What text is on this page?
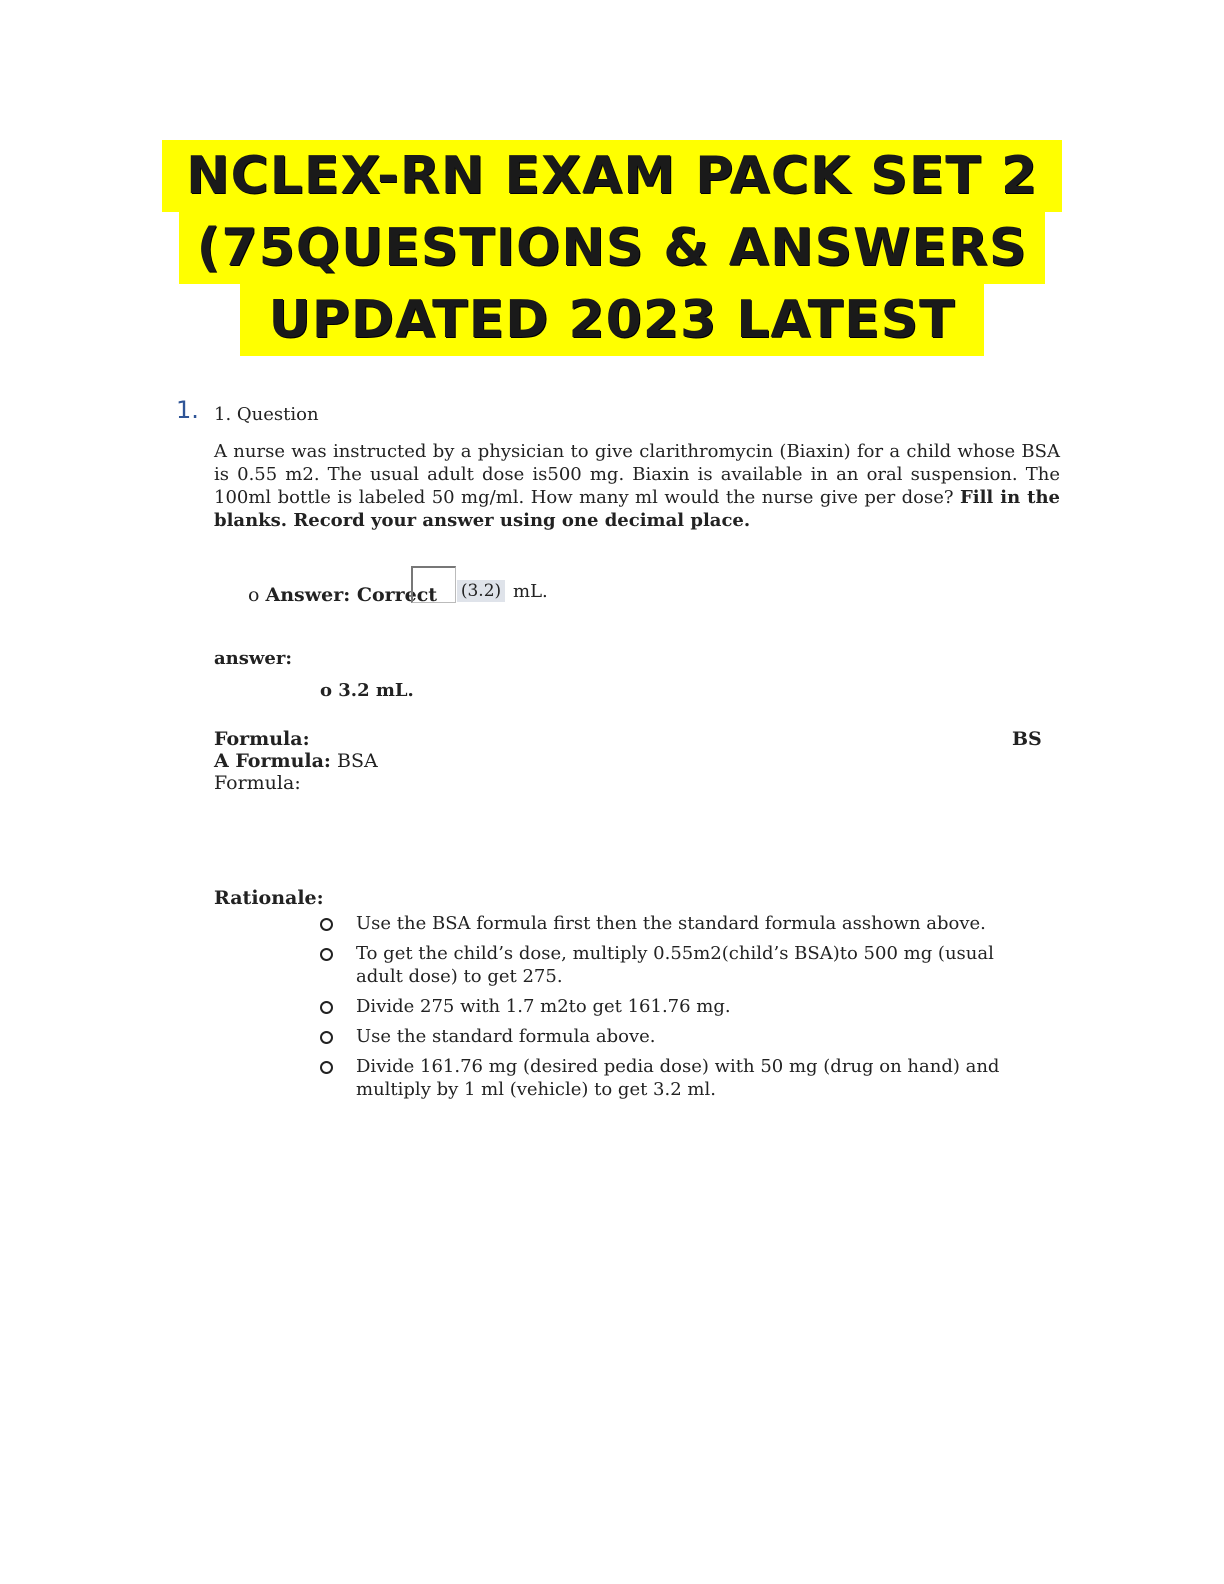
NCLEX-RN EXAM PACK SET 2
(75QUESTIONS & ANSWERS
UPDATED 2023 LATEST
1. 1. Question
A nurse was instructed by a physician to give clarithromycin (Biaxin) for a child whose BSA is 0.55 m2. The usual adult dose is500 mg. Biaxin is available in an oral suspension. The 100ml bottle is labeled 50 mg/ml. How many ml would the nurse give per dose? Fill in the blanks. Record your answer using one decimal place.
o Answer: Correct (3.2) mL.
answer:
o 3.2 mL.
Formula:	BS
A Formula: BSA
Formula:
Rationale:
Use the BSA formula first then the standard formula asshown above.
To get the child’s dose, multiply 0.55m2(child’s BSA)to 500 mg (usual adult dose) to get 275.
Divide 275 with 1.7 m2to get 161.76 mg.
Use the standard formula above.
Divide 161.76 mg (desired pedia dose) with 50 mg (drug on hand) and multiply by 1 ml (vehicle) to get 3.2 ml.
